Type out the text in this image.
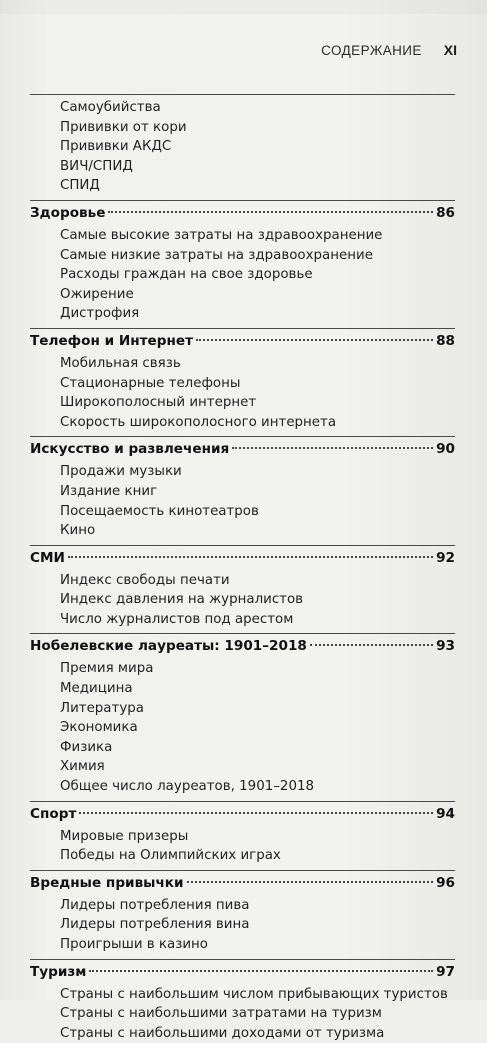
СОДЕРЖАНИЕ XI
Самоубийства
Прививки от кори
Прививки АКДС
ВИЧ/СПИД
СПИД
Здоровье	86
Самые высокие затраты на здравоохранение
Самые низкие затраты на здравоохранение
Расходы граждан на свое здоровье
Ожирение
Дистрофия
Телефон и Интернет	88
Мобильная связь
Стационарные телефоны
Широкополосный интернет
Скорость широкополосного интернета
Искусство и развлечения	90
Продажи музыки
Издание книг
Посещаемость кинотеатров
Кино
СМИ	92
Индекс свободы печати
Индекс давления на журналистов
Число журналистов под арестом
Нобелевские лауреаты: 1901–2018	93
Премия мира
Медицина
Литература
Экономика
Физика
Химия
Общее число лауреатов, 1901–2018
Спорт	94
Мировые призеры
Победы на Олимпийских играх
Вредные привычки	96
Лидеры потребления пива
Лидеры потребления вина
Проигрыши в казино
Туризм	97
Страны с наибольшим числом прибывающих туристов
Страны с наибольшими затратами на туризм
Страны с наибольшими доходами от туризма
